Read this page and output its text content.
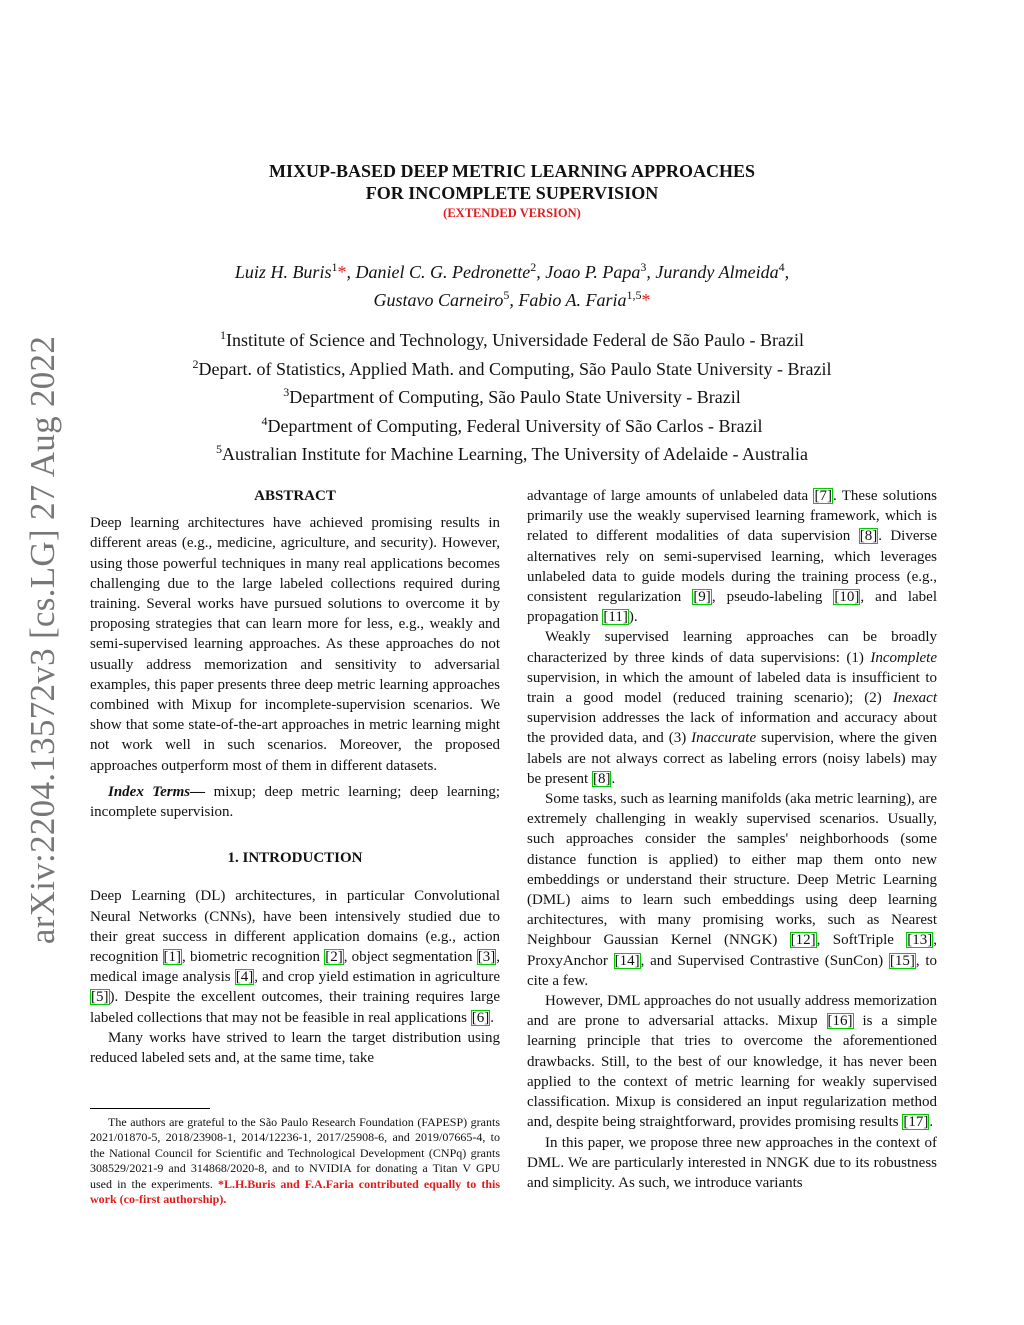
arXiv:2204.13572v3 [cs.LG] 27 Aug 2022
MIXUP-BASED DEEP METRIC LEARNING APPROACHES
FOR INCOMPLETE SUPERVISION
(EXTENDED VERSION)
Luiz H. Buris$^1$*, Daniel C. G. Pedronette$^2$, Joao P. Papa$^3$, Jurandy Almeida$^4$,
Gustavo Carneiro$^5$, Fabio A. Faria$^{1,5}$*
$^1$Institute of Science and Technology, Universidade Federal de São Paulo - Brazil
$^2$Depart. of Statistics, Applied Math. and Computing, São Paulo State University - Brazil
$^3$Department of Computing, São Paulo State University - Brazil
$^4$Department of Computing, Federal University of São Carlos - Brazil
$^5$Australian Institute for Machine Learning, The University of Adelaide - Australia

ABSTRACT

Deep learning architectures have achieved promising results in different areas (e.g., medicine, agriculture, and security). However, using those powerful techniques in many real applications becomes challenging due to the large labeled collections required during training. Several works have pursued solutions to overcome it by proposing strategies that can learn more for less, e.g., weakly and semi-supervised learning approaches. As these approaches do not usually address memorization and sensitivity to adversarial examples, this paper presents three deep metric learning approaches combined with Mixup for incomplete-supervision scenarios. We show that some state-of-the-art approaches in metric learning might not work well in such scenarios. Moreover, the proposed approaches outperform most of them in different datasets.

Index Terms— mixup; deep metric learning; deep learning; incomplete supervision.

1. INTRODUCTION

Deep Learning (DL) architectures, in particular Convolutional Neural Networks (CNNs), have been intensively studied due to their great success in different application domains (e.g., action recognition [1], biometric recognition [2], object segmentation [3], medical image analysis [4], and crop yield estimation in agriculture [5]). Despite the excellent outcomes, their training requires large labeled collections that may not be feasible in real applications [6].

Many works have strived to learn the target distribution using reduced labeled sets and, at the same time, take

The authors are grateful to the São Paulo Research Foundation (FAPESP) grants 2021/01870-5, 2018/23908-1, 2014/12236-1, 2017/25908-6, and 2019/07665-4, to the National Council for Scientific and Technological Development (CNPq) grants 308529/2021-9 and 314868/2020-8, and to NVIDIA for donating a Titan V GPU used in the experiments. *L.H.Buris and F.A.Faria contributed equally to this work (co-first authorship).

advantage of large amounts of unlabeled data [7]. These solutions primarily use the weakly supervised learning framework, which is related to different modalities of data supervision [8]. Diverse alternatives rely on semi-supervised learning, which leverages unlabeled data to guide models during the training process (e.g., consistent regularization [9], pseudo-labeling [10], and label propagation [11]).

Weakly supervised learning approaches can be broadly characterized by three kinds of data supervisions: (1) Incomplete supervision, in which the amount of labeled data is insufficient to train a good model (reduced training scenario); (2) Inexact supervision addresses the lack of information and accuracy about the provided data, and (3) Inaccurate supervision, where the given labels are not always correct as labeling errors (noisy labels) may be present [8].

Some tasks, such as learning manifolds (aka metric learning), are extremely challenging in weakly supervised scenarios. Usually, such approaches consider the samples' neighborhoods (some distance function is applied) to either map them onto new embeddings or understand their structure. Deep Metric Learning (DML) aims to learn such embeddings using deep learning architectures, with many promising works, such as Nearest Neighbour Gaussian Kernel (NNGK) [12], SoftTriple [13], ProxyAnchor [14], and Supervised Contrastive (SunCon) [15], to cite a few.

However, DML approaches do not usually address memorization and are prone to adversarial attacks. Mixup [16] is a simple learning principle that tries to overcome the aforementioned drawbacks. Still, to the best of our knowledge, it has never been applied to the context of metric learning for weakly supervised classification. Mixup is considered an input regularization method and, despite being straightforward, provides promising results [17].

In this paper, we propose three new approaches in the context of DML. We are particularly interested in NNGK due to its robustness and simplicity. As such, we introduce variants
